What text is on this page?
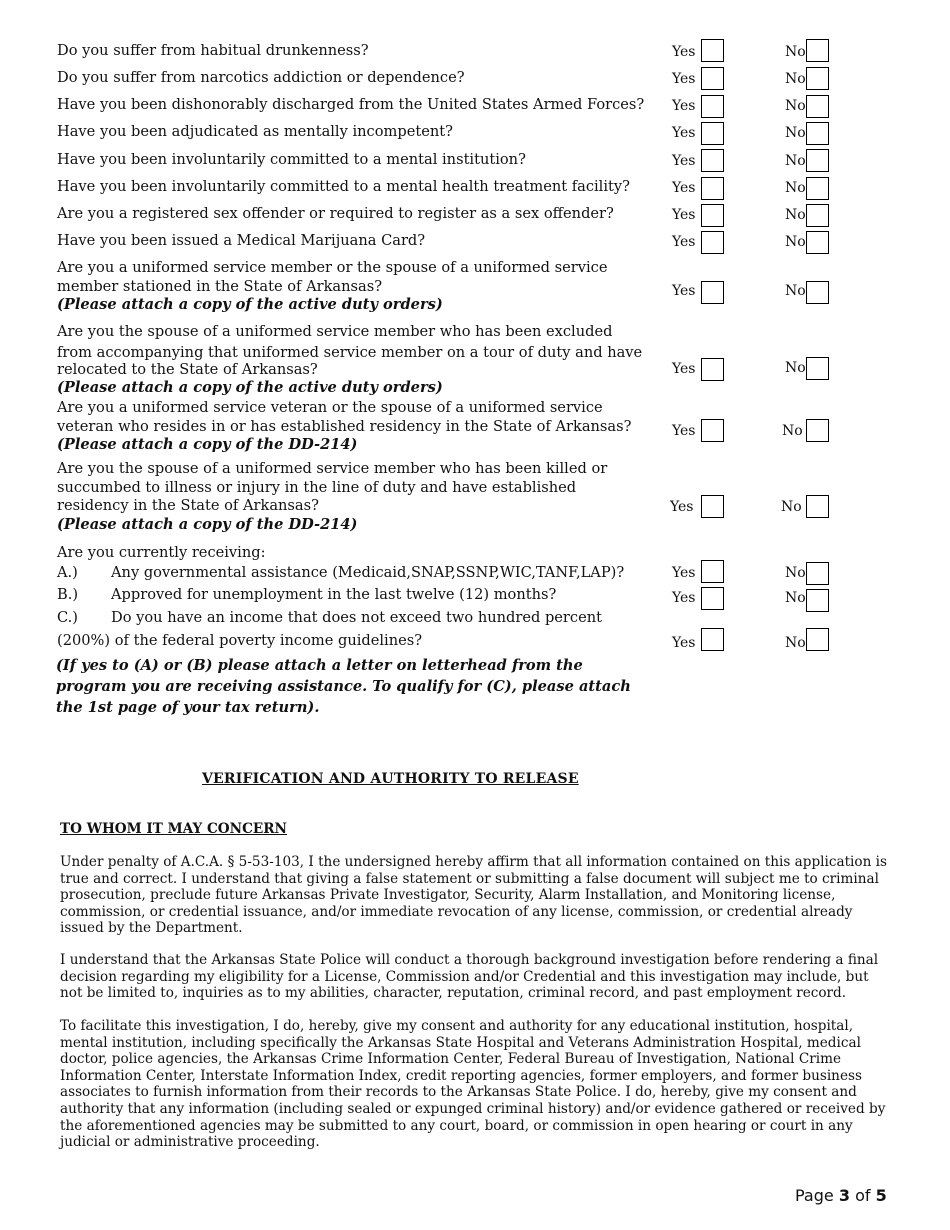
Do you suffer from habitual drunkenness?	Yes	No
Do you suffer from narcotics addiction or dependence?	Yes	No
Have you been dishonorably discharged from the United States Armed Forces? Yes	No
Have you been adjudicated as mentally incompetent?	Yes	No
Have you been involuntarily committed to a mental institution?	Yes	No
Have you been involuntarily committed to a mental health treatment facility?	Yes	No
Are you a registered sex offender or required to register as a sex offender?	Yes	No
Have you been issued a Medical Marijuana Card?	Yes	No
Are you a uniformed service member or the spouse of a uniformed service
member stationed in the State of Arkansas?
(Please attach a copy of the active duty orders)
Yes	No
Are you the spouse of a uniformed service member who has been excluded
from accompanying that uniformed service member on a tour of duty and have
relocated to the State of Arkansas?
(Please attach a copy of the active duty orders)
Yes	No
Are you a uniformed service veteran or the spouse of a uniformed service
veteran who resides in or has established residency in the State of Arkansas?
(Please attach a copy of the DD-214)
Yes	No
Are you the spouse of a uniformed service member who has been killed or
succumbed to illness or injury in the line of duty and have established
residency in the State of Arkansas?
(Please attach a copy of the DD-214)
Yes	No
Are you currently receiving:
A.) Any governmental assistance (Medicaid,SNAP,SSNP,WIC,TANF,LAP)?	Yes	No
B.) Approved for unemployment in the last twelve (12) months?	Yes	No
C.) Do you have an income that does not exceed two hundred percent
(200%) of the federal poverty income guidelines?	Yes	No
(If yes to (A) or (B) please attach a letter on letterhead from the program you are receiving assistance. To qualify for (C), please attach the 1st page of your tax return).
VERIFICATION AND AUTHORITY TO RELEASE
TO WHOM IT MAY CONCERN
Under penalty of A.C.A. § 5-53-103, I the undersigned hereby affirm that all information contained on this application is true and correct. I understand that giving a false statement or submitting a false document will subject me to criminal prosecution, preclude future Arkansas Private Investigator, Security, Alarm Installation, and Monitoring license, commission, or credential issuance, and/or immediate revocation of any license, commission, or credential already issued by the Department.
I understand that the Arkansas State Police will conduct a thorough background investigation before rendering a final decision regarding my eligibility for a License, Commission and/or Credential and this investigation may include, but not be limited to, inquiries as to my abilities, character, reputation, criminal record, and past employment record.
To facilitate this investigation, I do, hereby, give my consent and authority for any educational institution, hospital, mental institution, including specifically the Arkansas State Hospital and Veterans Administration Hospital, medical doctor, police agencies, the Arkansas Crime Information Center, Federal Bureau of Investigation, National Crime Information Center, Interstate Information Index, credit reporting agencies, former employers, and former business associates to furnish information from their records to the Arkansas State Police. I do, hereby, give my consent and authority that any information (including sealed or expunged criminal history) and/or evidence gathered or received by the aforementioned agencies may be submitted to any court, board, or commission in open hearing or court in any judicial or administrative proceeding.
Page 3 of 5
